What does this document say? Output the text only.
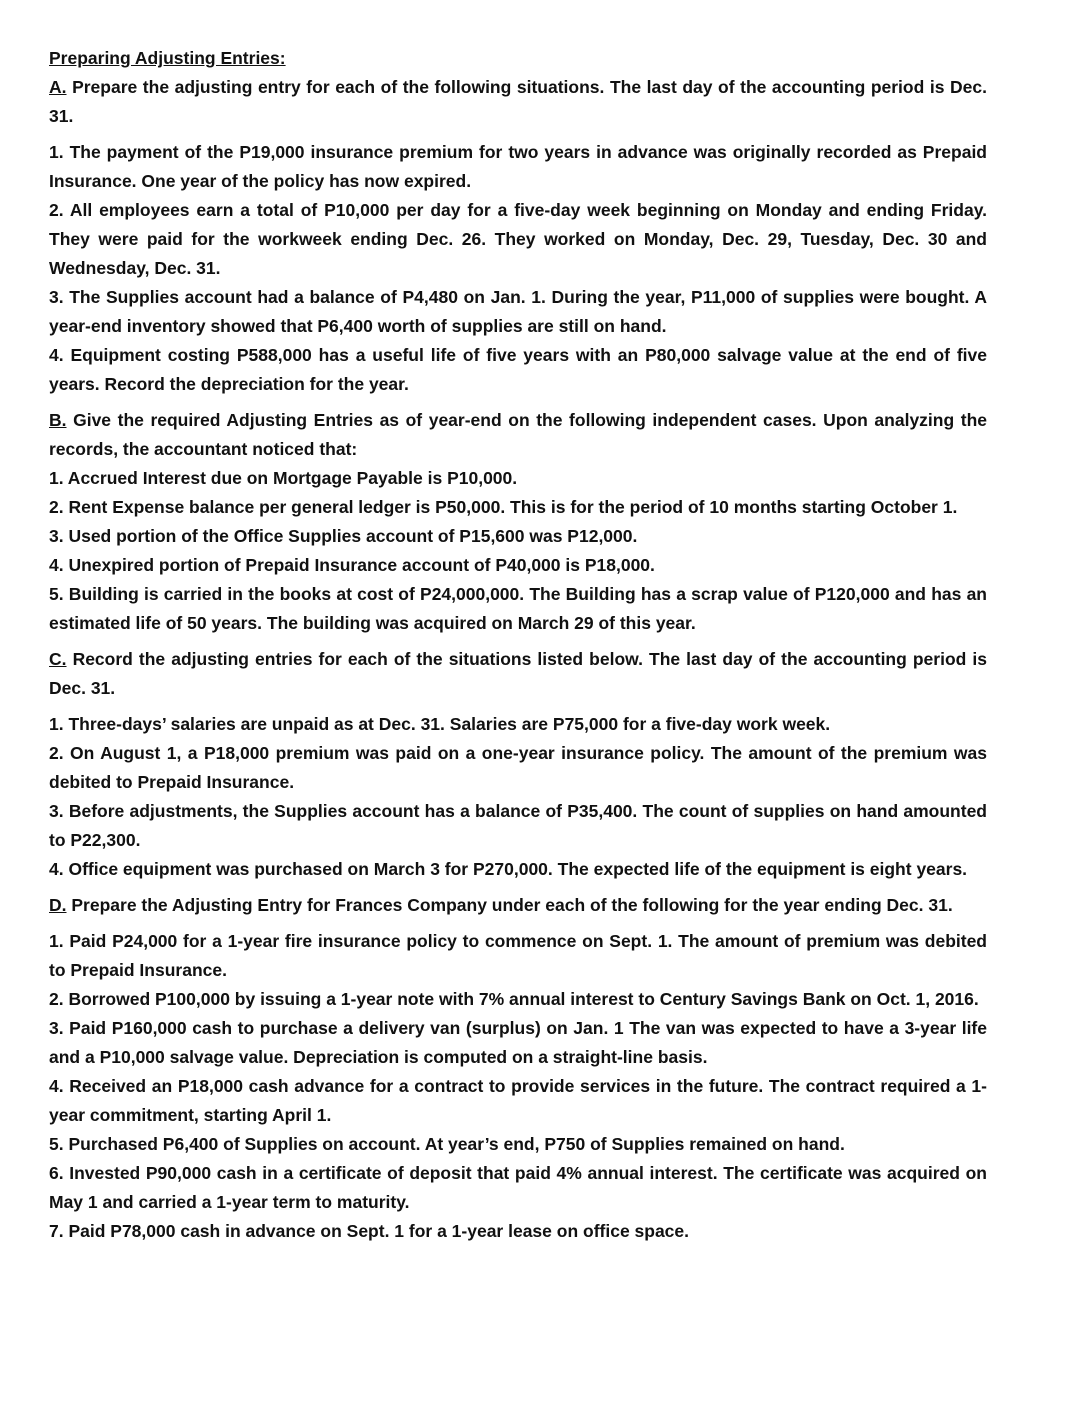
Preparing Adjusting Entries:

A. Prepare the adjusting entry for each of the following situations. The last day of the accounting period is Dec. 31.

1. The payment of the P19,000 insurance premium for two years in advance was originally recorded as Prepaid Insurance. One year of the policy has now expired.
2. All employees earn a total of P10,000 per day for a five-day week beginning on Monday and ending Friday. They were paid for the workweek ending Dec. 26. They worked on Monday, Dec. 29, Tuesday, Dec. 30 and Wednesday, Dec. 31.
3. The Supplies account had a balance of P4,480 on Jan. 1. During the year, P11,000 of supplies were bought. A year-end inventory showed that P6,400 worth of supplies are still on hand.
4. Equipment costing P588,000 has a useful life of five years with an P80,000 salvage value at the end of five years. Record the depreciation for the year.

B. Give the required Adjusting Entries as of year-end on the following independent cases. Upon analyzing the records, the accountant noticed that:

1. Accrued Interest due on Mortgage Payable is P10,000.
2. Rent Expense balance per general ledger is P50,000. This is for the period of 10 months starting October 1.
3. Used portion of the Office Supplies account of P15,600 was P12,000.
4. Unexpired portion of Prepaid Insurance account of P40,000 is P18,000.
5. Building is carried in the books at cost of P24,000,000. The Building has a scrap value of P120,000 and has an estimated life of 50 years. The building was acquired on March 29 of this year.

C. Record the adjusting entries for each of the situations listed below. The last day of the accounting period is Dec. 31.

1. Three-days’ salaries are unpaid as at Dec. 31. Salaries are P75,000 for a five-day work week.
2. On August 1, a P18,000 premium was paid on a one-year insurance policy. The amount of the premium was debited to Prepaid Insurance.
3. Before adjustments, the Supplies account has a balance of P35,400. The count of supplies on hand amounted to P22,300.
4. Office equipment was purchased on March 3 for P270,000. The expected life of the equipment is eight years.

D. Prepare the Adjusting Entry for Frances Company under each of the following for the year ending Dec. 31.

1. Paid P24,000 for a 1-year fire insurance policy to commence on Sept. 1. The amount of premium was debited to Prepaid Insurance.
2. Borrowed P100,000 by issuing a 1-year note with 7% annual interest to Century Savings Bank on Oct. 1, 2016.
3. Paid P160,000 cash to purchase a delivery van (surplus) on Jan. 1 The van was expected to have a 3-year life and a P10,000 salvage value. Depreciation is computed on a straight-line basis.
4. Received an P18,000 cash advance for a contract to provide services in the future. The contract required a 1- year commitment, starting April 1.
5. Purchased P6,400 of Supplies on account. At year’s end, P750 of Supplies remained on hand.
6. Invested P90,000 cash in a certificate of deposit that paid 4% annual interest. The certificate was acquired on May 1 and carried a 1-year term to maturity.
7. Paid P78,000 cash in advance on Sept. 1 for a 1-year lease on office space.
